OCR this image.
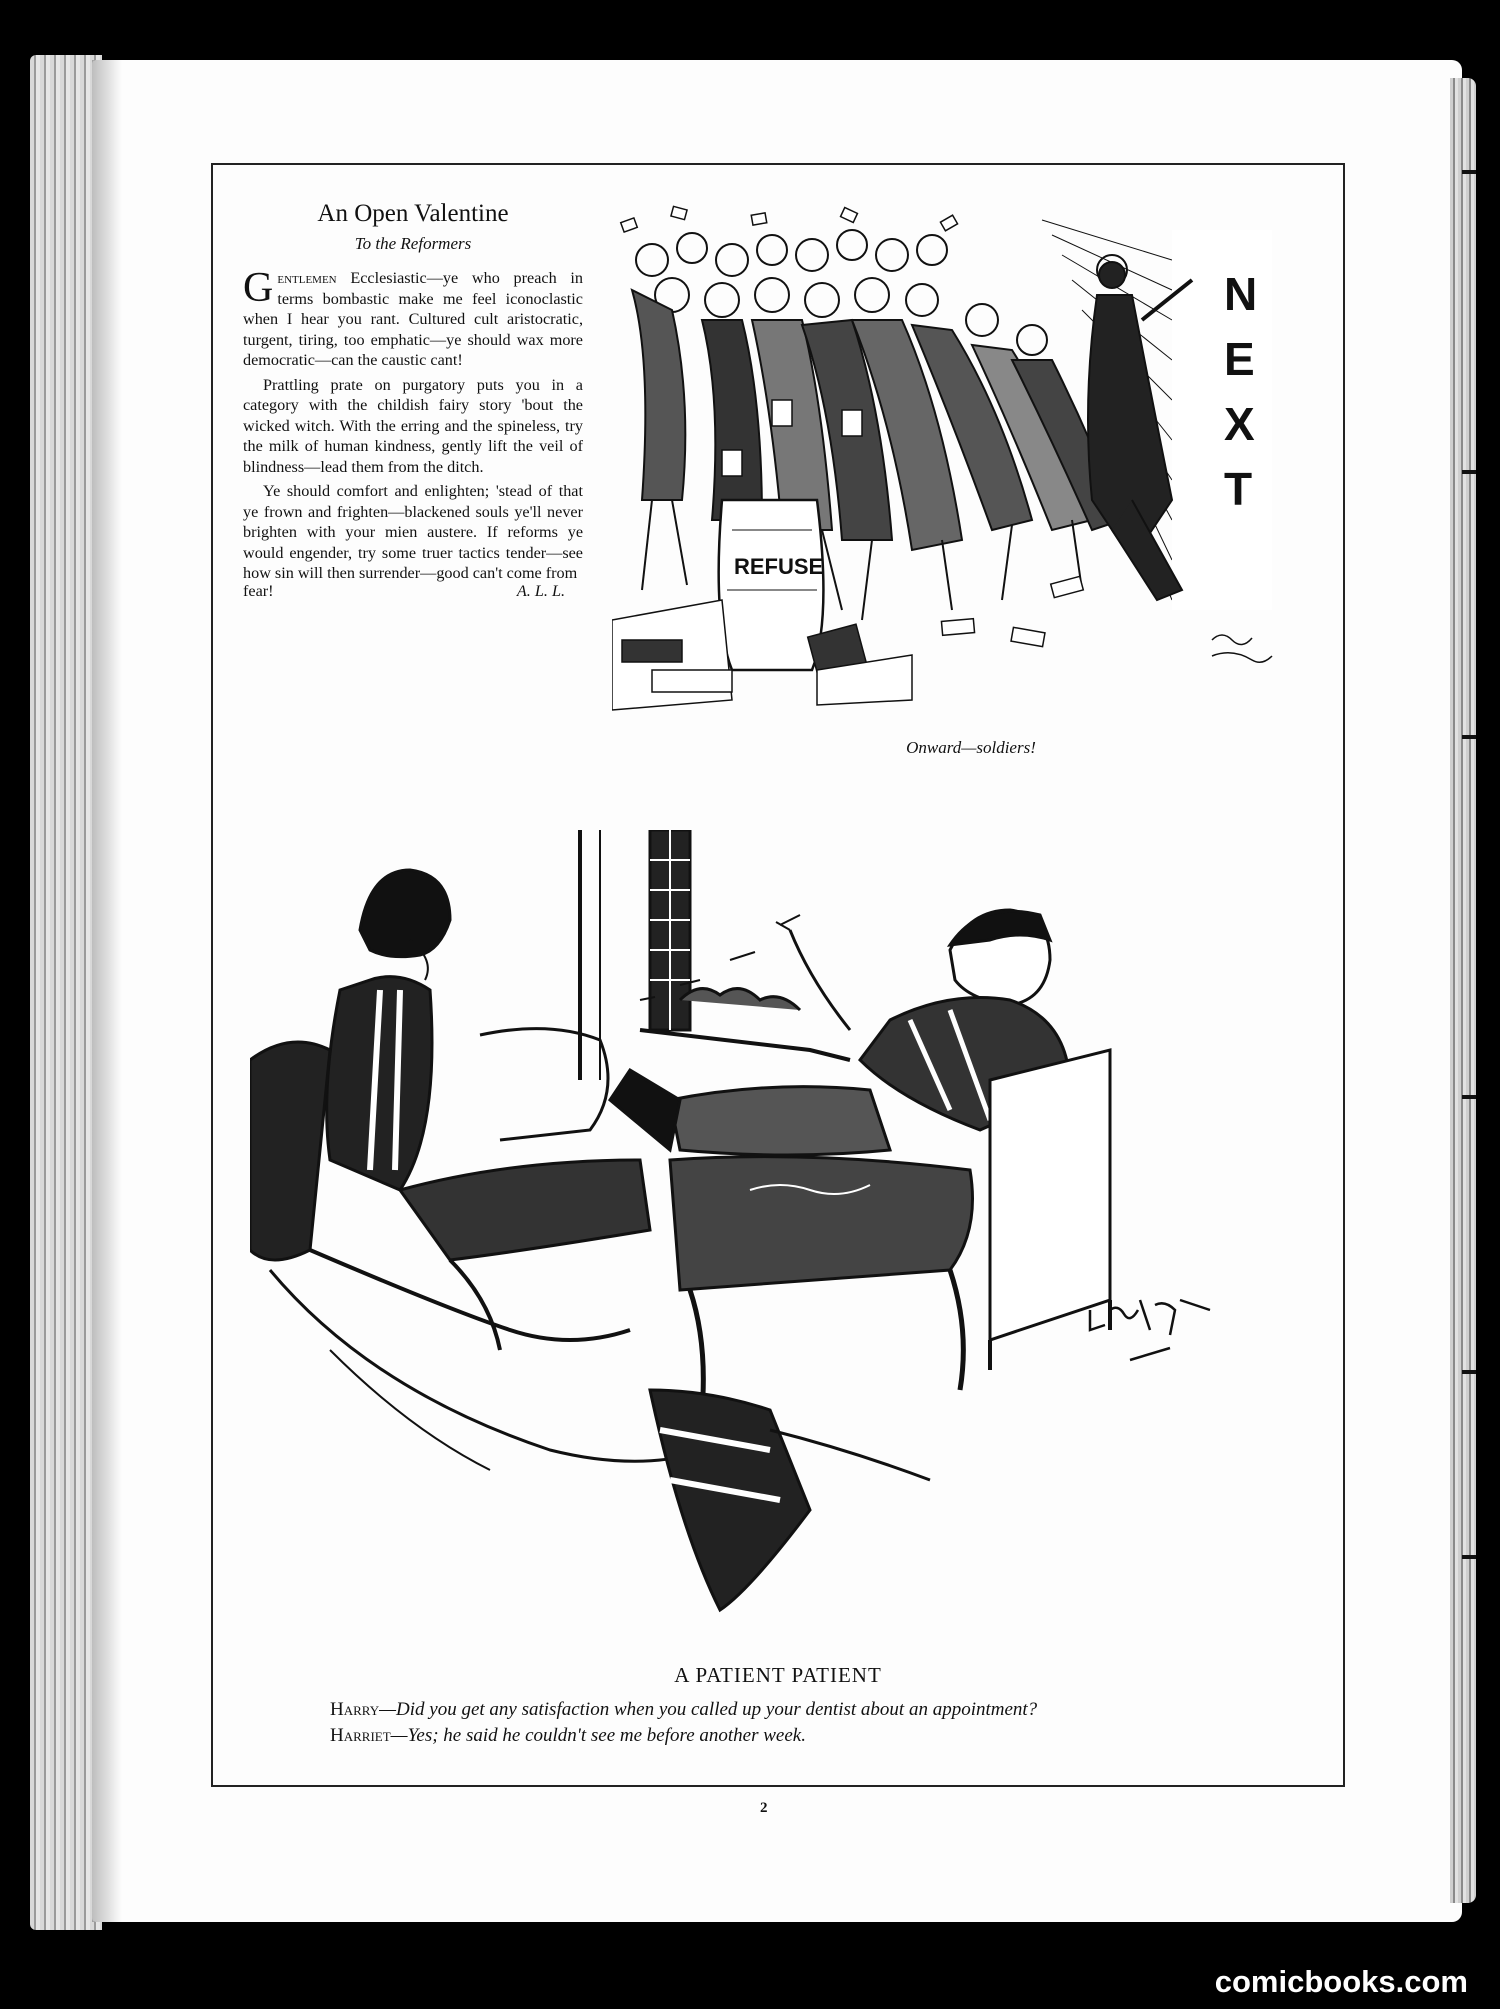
An Open Valentine
To the Reformers

Gentlemen Ecclesiastic—ye who preach in terms bombastic make me feel iconoclastic when I hear you rant. Cultured cult aristocratic, turgent, tiring, too emphatic—ye should wax more democratic—can the caustic cant!

Prattling prate on purgatory puts you in a category with the childish fairy story 'bout the wicked witch. With the erring and the spineless, try the milk of human kindness, gently lift the veil of blindness—lead them from the ditch.

Ye should comfort and enlighten; 'stead of that ye frown and frighten—blackened souls ye'll never brighten with your mien austere. If reforms ye would engender, try some truer tactics tender—see how sin will then surrender—good can't come from

fear!	A. L. L.
N
E
X
T
REFUSE
Onward—soldiers!
A PATIENT PATIENT
Harry—Did you get any satisfaction when you called up your dentist about an appointment?
Harriet—Yes; he said he couldn't see me before another week.
2
comicbooks.com
